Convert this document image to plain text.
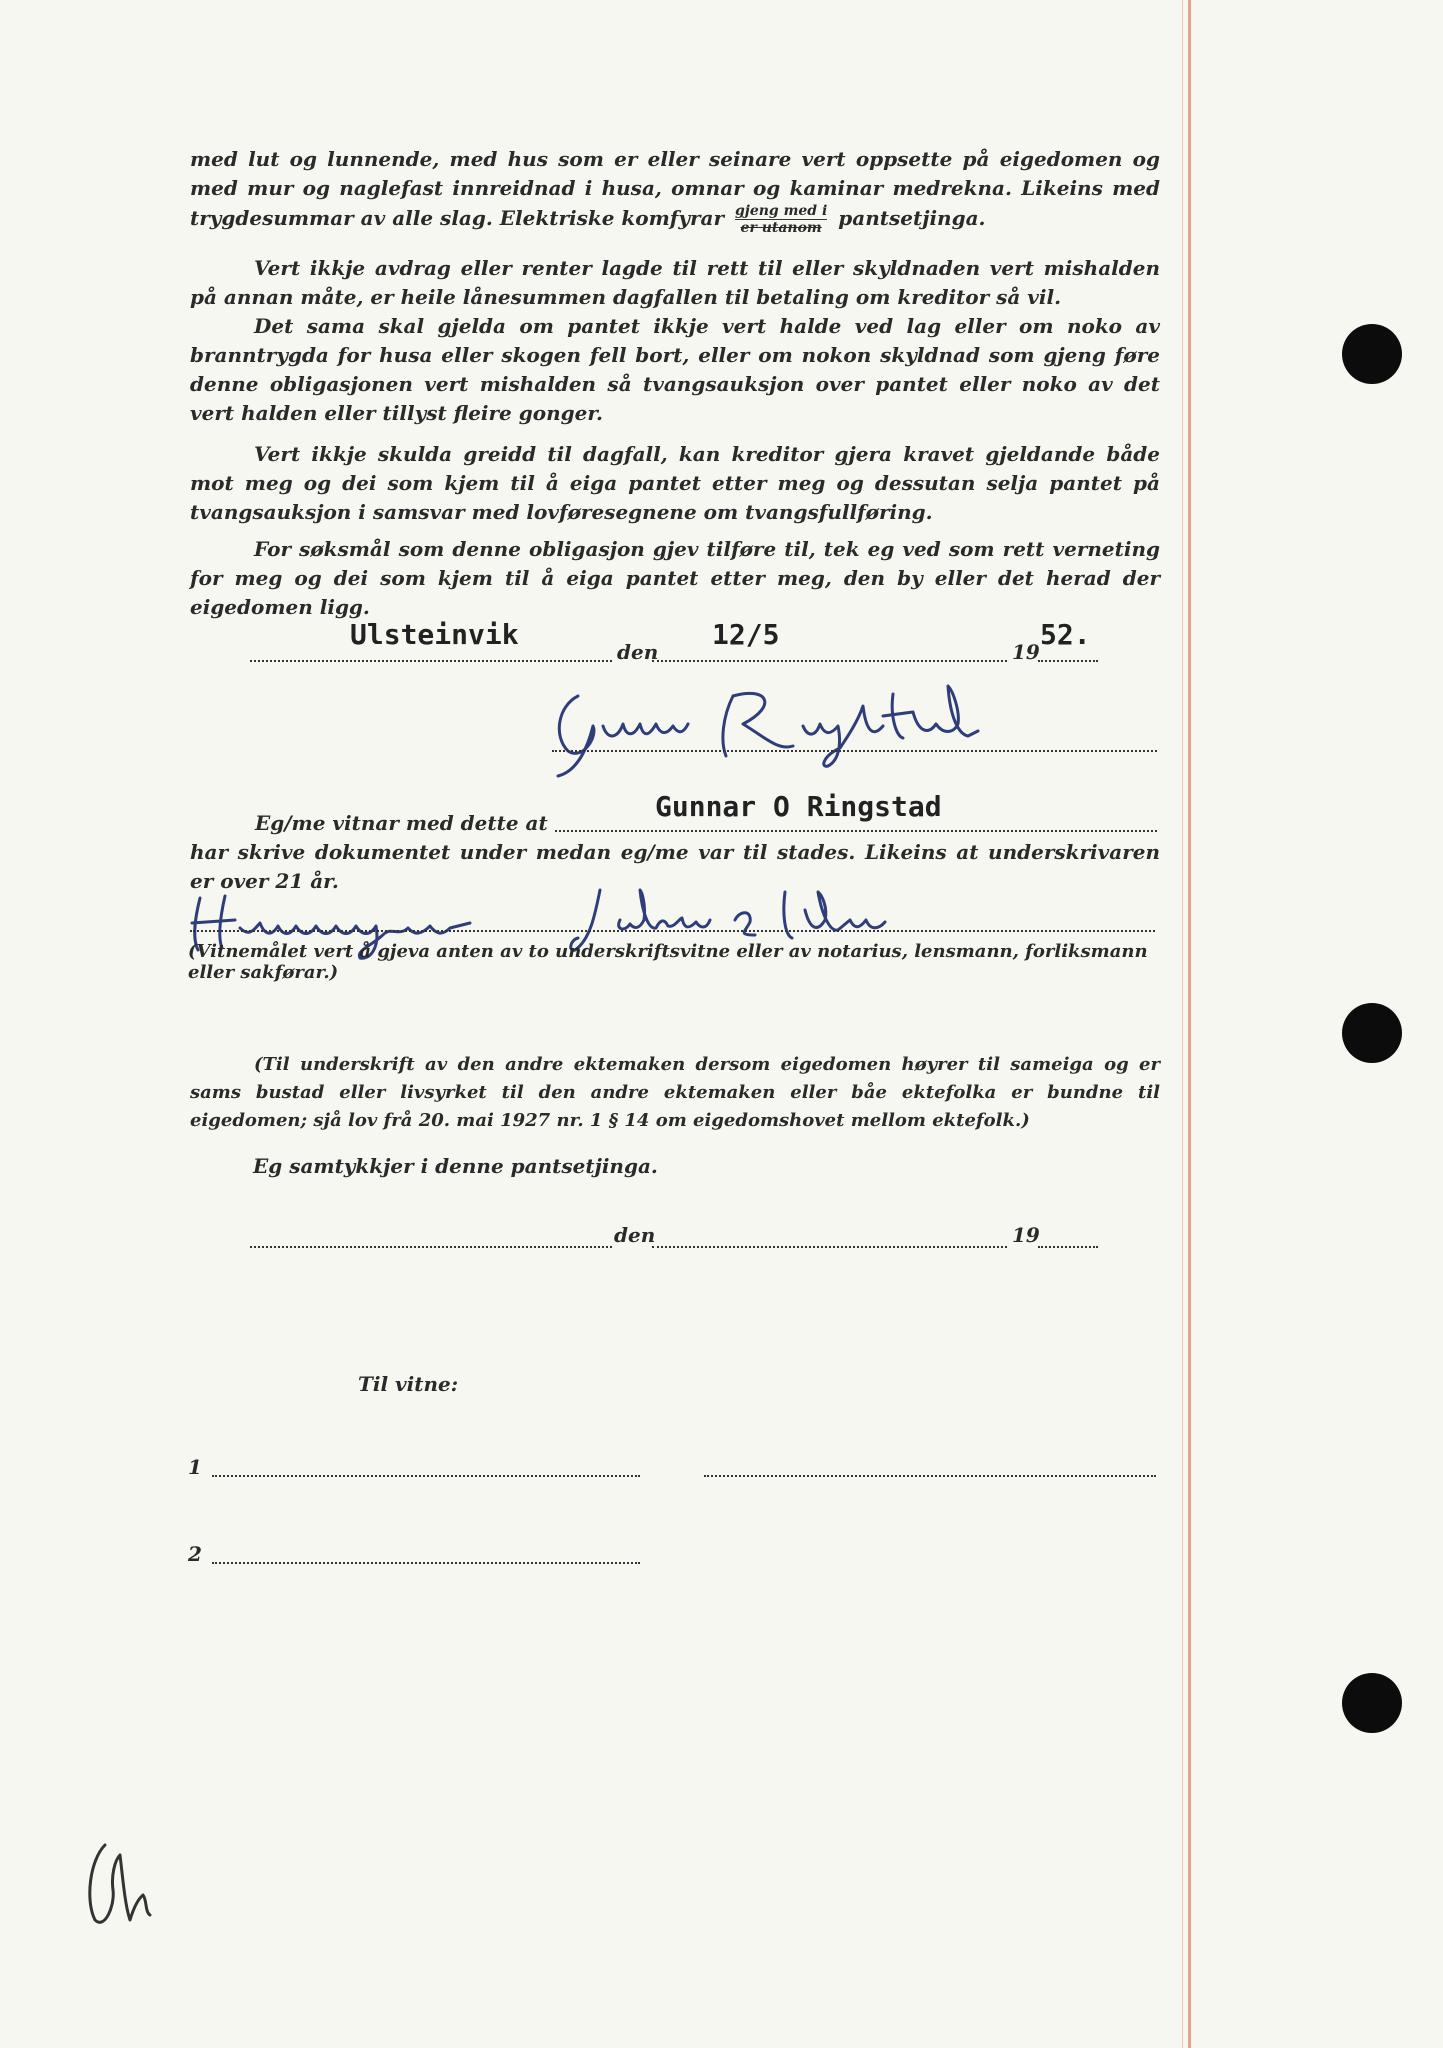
med lut og lunnende, med hus som er eller seinare vert oppsette på eigedomen og med mur og naglefast innreidnad i husa, omnar og kaminar medrekna. Likeins med trygdesummar av alle slag. Elektriske komfyrar gjeng med i
er utanom pantsetjinga.

Vert ikkje avdrag eller renter lagde til rett til eller skyldnaden vert mishalden på annan måte, er heile lånesummen dagfallen til betaling om kreditor så vil.

Det sama skal gjelda om pantet ikkje vert halde ved lag eller om noko av branntrygda for husa eller skogen fell bort, eller om nokon skyldnad som gjeng føre denne obligasjonen vert mishalden så tvangsauksjon over pantet eller noko av det vert halden eller tillyst fleire gonger.

Vert ikkje skulda greidd til dagfall, kan kreditor gjera kravet gjeldande både mot meg og dei som kjem til å eiga pantet etter meg og dessutan selja pantet på tvangsauksjon i samsvar med lovføresegnene om tvangsfullføring.

For søksmål som denne obligasjon gjev tilføre til, tek eg ved som rett verneting for meg og dei som kjem til å eiga pantet etter meg, den by eller det herad der eigedomen ligg.

Ulsteinvik
den
12/5
19
52.
Eg/me vitnar med dette at	Gunnar O Ringstad

har skrive dokumentet under medan eg/me var til stades. Likeins at underskrivaren er over 21 år.

(Vitnemålet vert å gjeva anten av to underskriftsvitne eller av notarius, lensmann, forliksmann eller sakførar.)

(Til underskrift av den andre ektemaken dersom eigedomen høyrer til sameiga og er sams bustad eller livsyrket til den andre ektemaken eller båe ektefolka er bundne til eigedomen; sjå lov frå 20. mai 1927 nr. 1 § 14 om eigedomshovet mellom ektefolk.)

Eg samtykkjer i denne pantsetjinga.
den	19
Til vitne:
1
2
